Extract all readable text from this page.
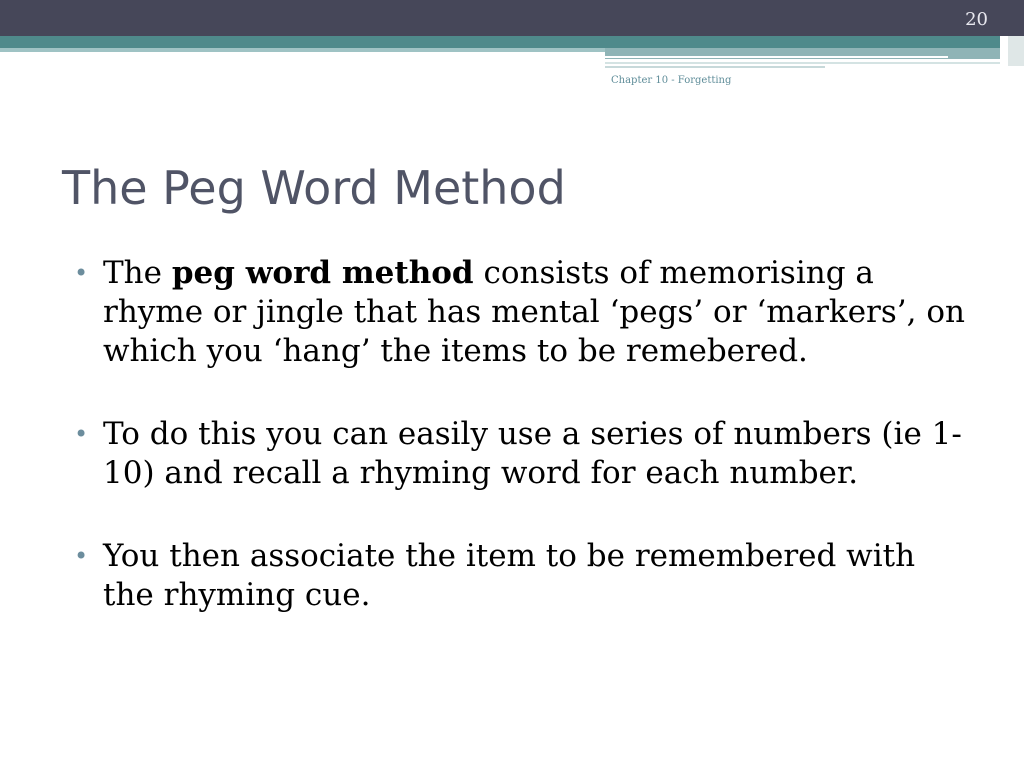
20
Chapter 10 - Forgetting
The Peg Word Method
• The peg word method consists of memorising a rhyme or jingle that has mental ‘pegs’ or ‘markers’, on which you ‘hang’ the items to be remebered.
• To do this you can easily use a series of numbers (ie 1-10) and recall a rhyming word for each number.
• You then associate the item to be remembered with the rhyming cue.
